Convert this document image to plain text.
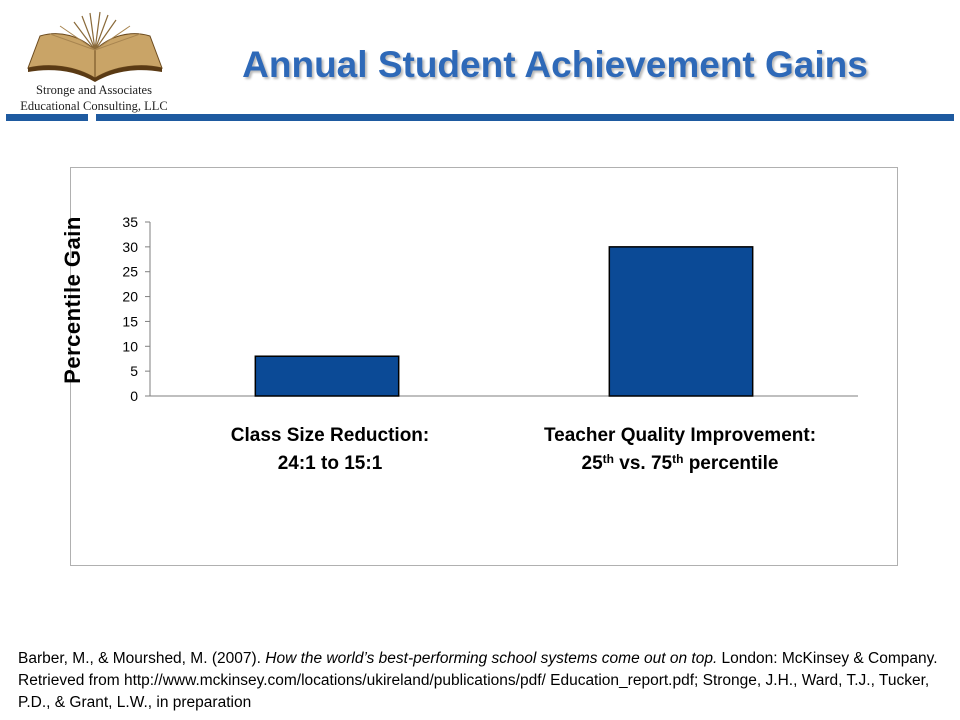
Stronge and Associates
Educational Consulting, LLC
Annual Student Achievement Gains
0
5
10
15
20
25
30
35
Percentile Gain
Class Size Reduction:
24:1 to 15:1
Teacher Quality Improvement:
25th vs. 75th percentile
Barber, M., & Mourshed, M. (2007). How the world’s best-performing school systems come out on top. London: McKinsey & Company. Retrieved from http://www.mckinsey.com/locations/ukireland/publications/pdf/ Education_report.pdf; Stronge, J.H., Ward, T.J., Tucker, P.D., & Grant, L.W., in preparation
